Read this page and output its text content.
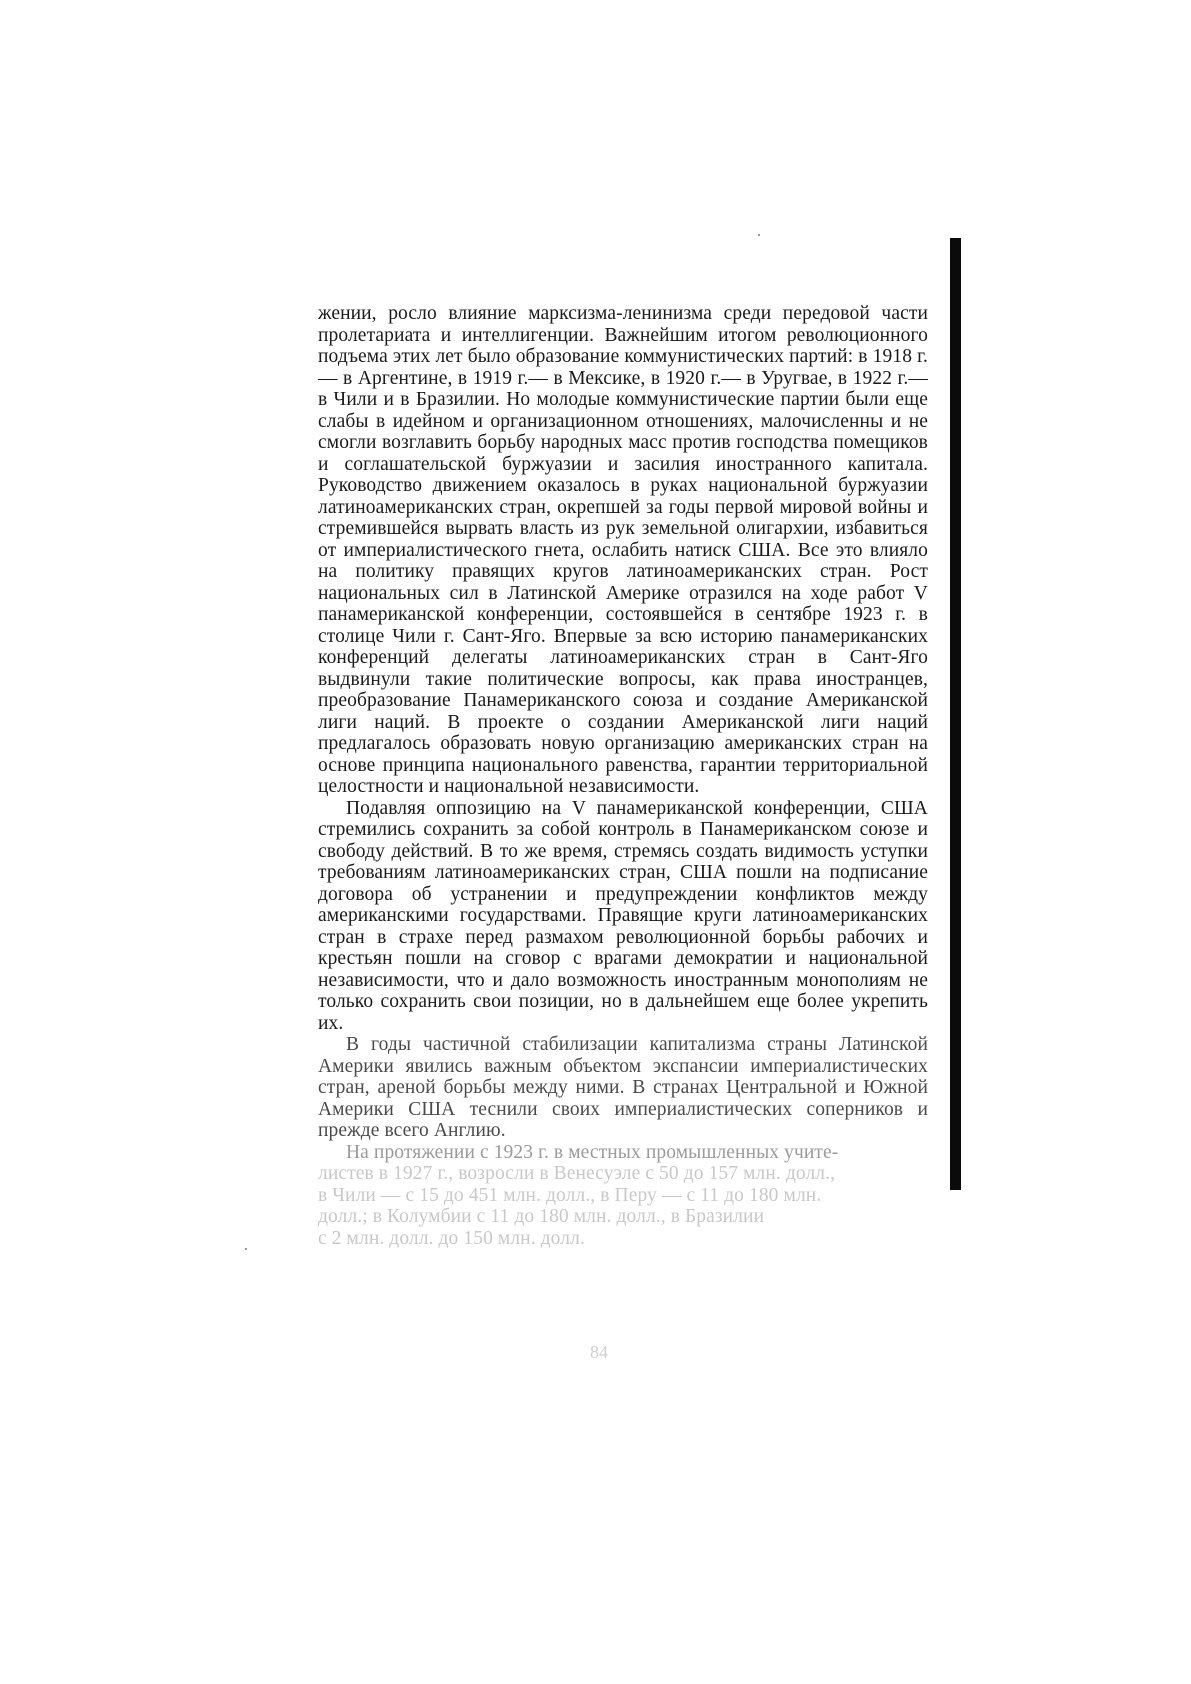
жении, росло влияние марксизма-ленинизма среди передовой части пролетариата и интеллигенции. Важнейшим итогом революционного подъема этих лет было образование коммунистических партий: в 1918 г.— в Аргентине, в 1919 г.— в Мексике, в 1920 г.— в Уругвае, в 1922 г.— в Чили и в Бразилии. Но молодые коммунистические партии были еще слабы в идейном и организационном отношениях, малочисленны и не смогли возглавить борьбу народных масс против господства помещиков и соглашательской буржуазии и засилия иностранного капитала. Руководство движением оказалось в руках национальной буржуазии латиноамериканских стран, окрепшей за годы первой мировой войны и стремившейся вырвать власть из рук земельной олигархии, избавиться от империалистического гнета, ослабить натиск США. Все это влияло на политику правящих кругов латиноамериканских стран. Рост национальных сил в Латинской Америке отразился на ходе работ V панамериканской конференции, состоявшейся в сентябре 1923 г. в столице Чили г. Сант-Яго. Впервые за всю историю панамериканских конференций делегаты латиноамериканских стран в Сант-Яго выдвинули такие политические вопросы, как права иностранцев, преобразование Панамериканского союза и создание Американской лиги наций. В проекте о создании Американской лиги наций предлагалось образовать новую организацию американских стран на основе принципа национального равенства, гарантии территориальной целостности и национальной независимости.

Подавляя оппозицию на V панамериканской конференции, США стремились сохранить за собой контроль в Панамериканском союзе и свободу действий. В то же время, стремясь создать видимость уступки требованиям латиноамериканских стран, США пошли на подписание договора об устранении и предупреждении конфликтов между американскими государствами. Правящие круги латиноамериканских стран в страхе перед размахом революционной борьбы рабочих и крестьян пошли на сговор с врагами демократии и национальной независимости, что и дало возможность иностранным монополиям не только сохранить свои позиции, но в дальнейшем еще более укрепить их.

В годы частичной стабилизации капитализма страны Латинской Америки явились важным объектом экспансии империалистических стран, ареной борьбы между ними. В странах Центральной и Южной Америки США теснили своих империалистических соперников и прежде всего Англию.

На протяжении с 1923 г. в местных промышленных учите-
листев в 1927 г., возросли в Венесуэле с 50 до 157 млн. долл.,
в Чили — с 15 до 451 млн. долл., в Перу — с 11 до 180 млн.
долл.; в Колумбии с 11 до 180 млн. долл., в Бразилии
с 2 млн. долл. до 150 млн. долл.
84
